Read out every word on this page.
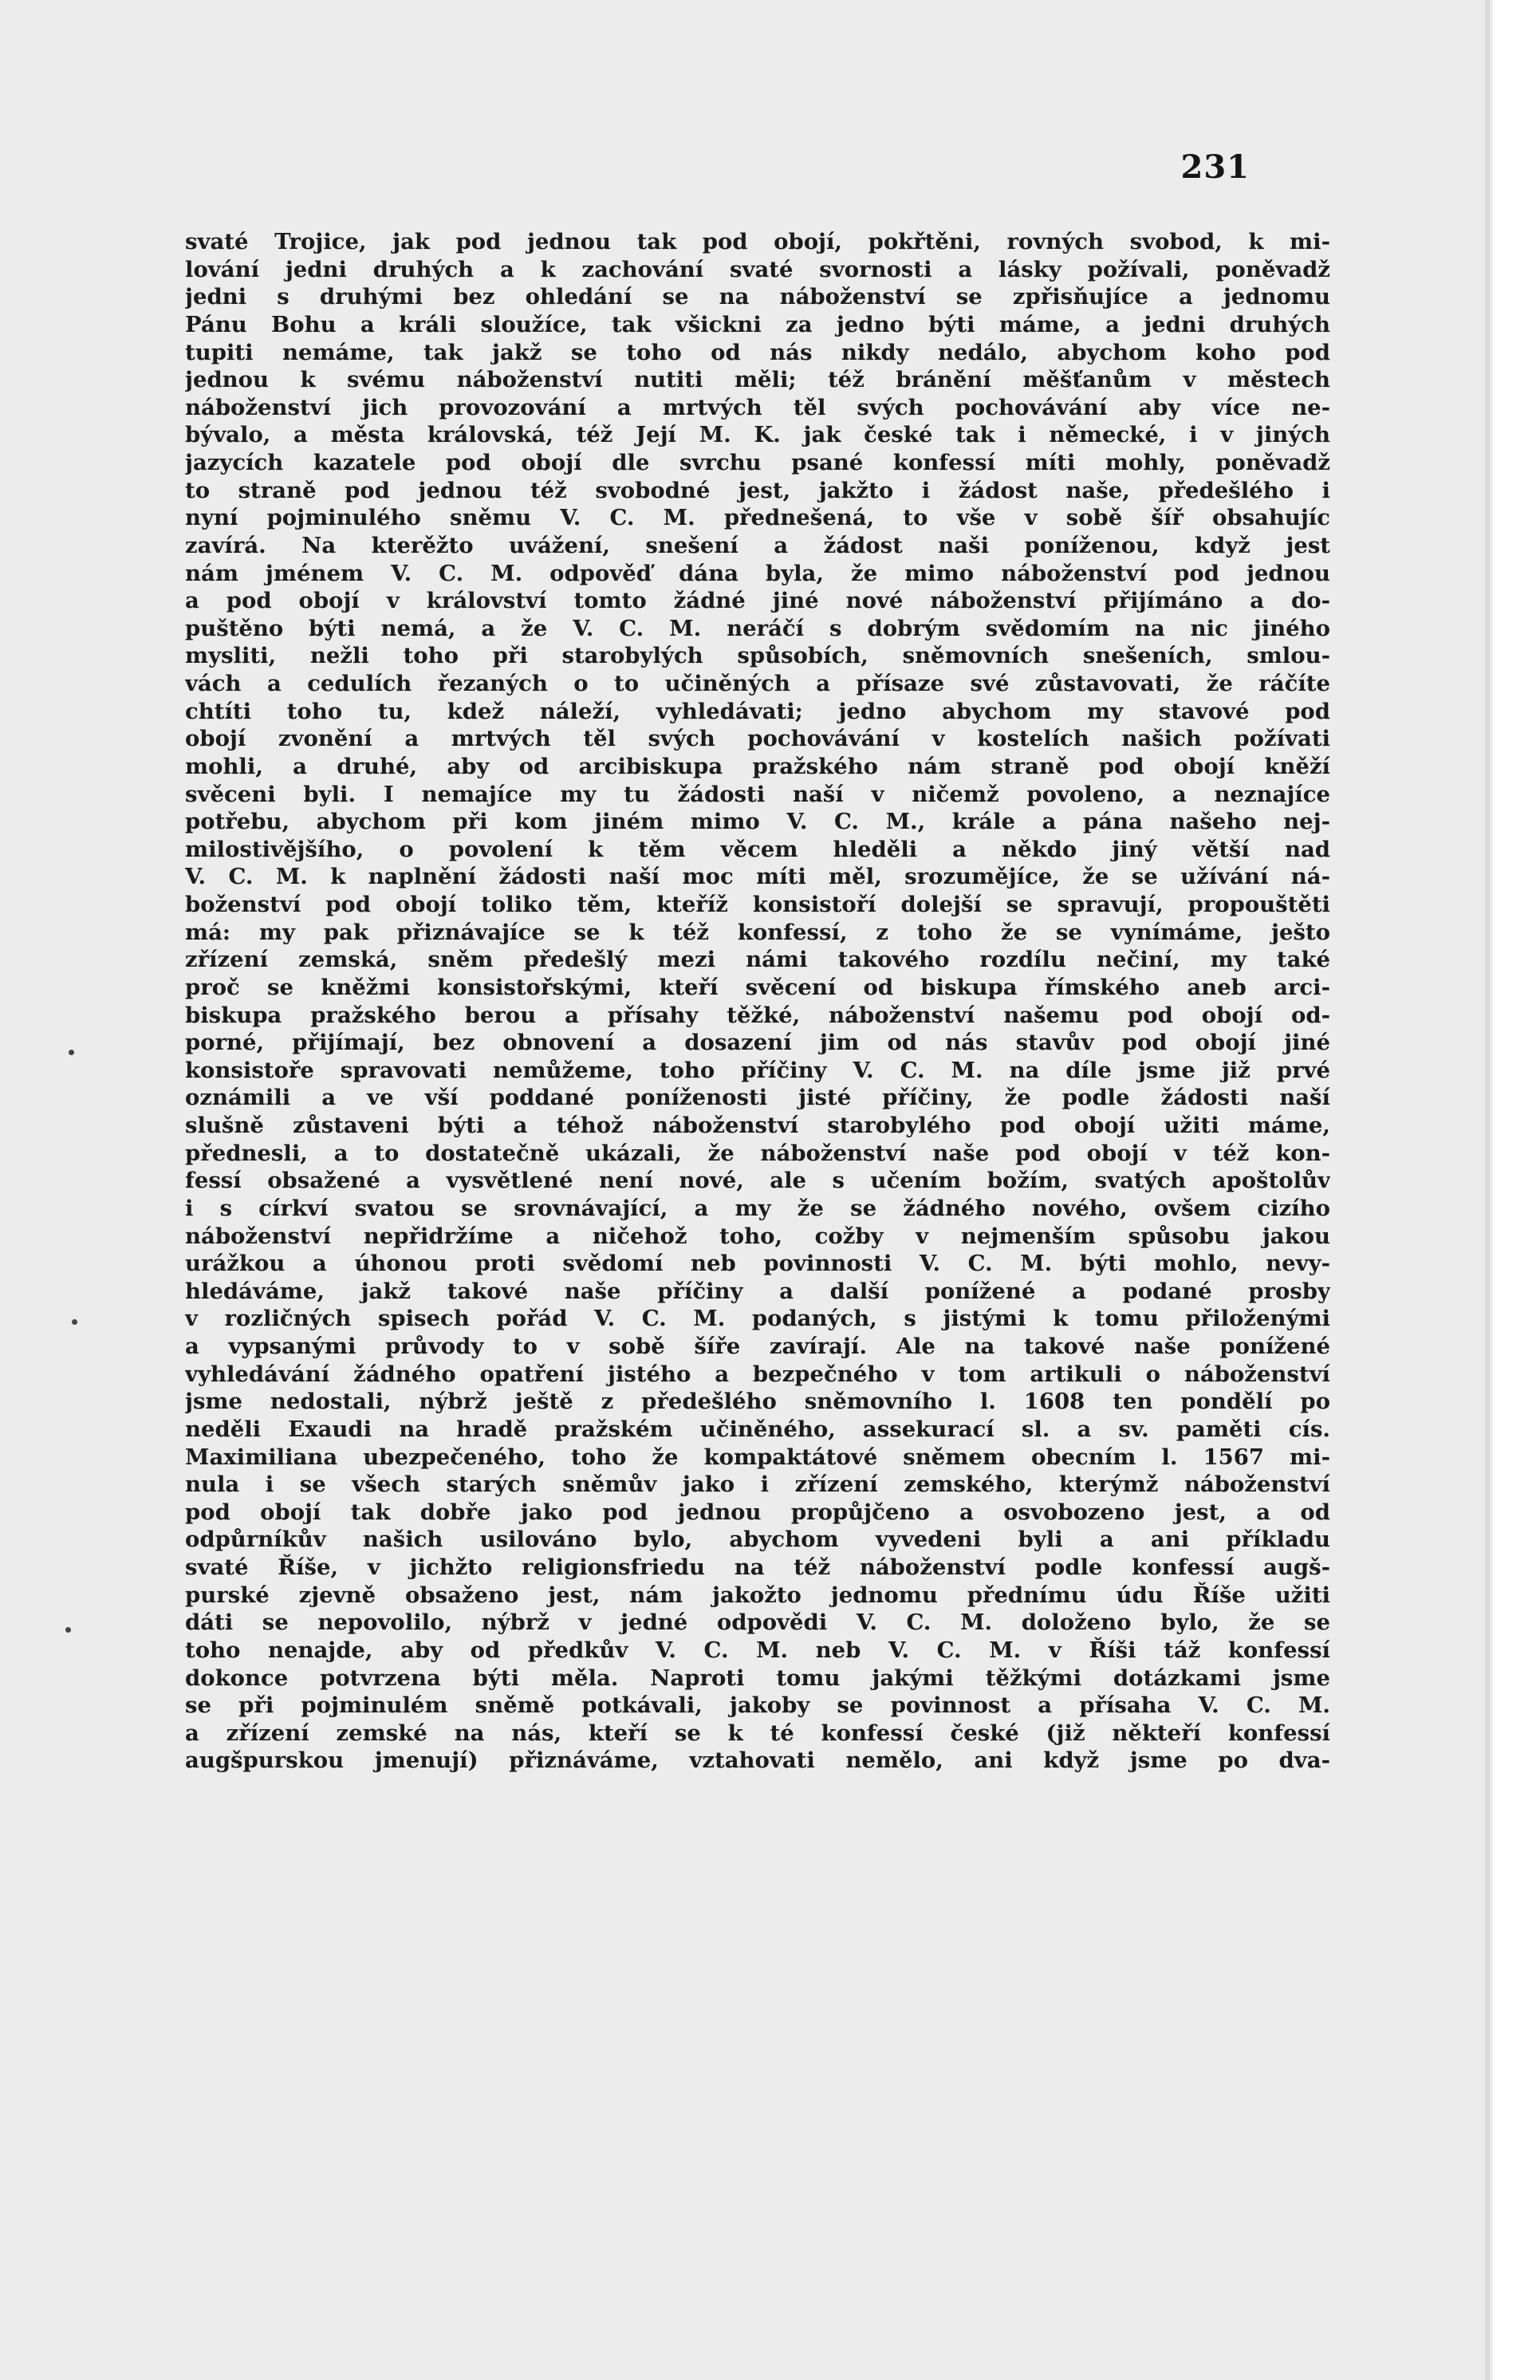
231
svaté Trojice, jak pod jednou tak pod obojí, pokřtěni, rovných svobod, k mi-
lování jedni druhých a k zachování svaté svornosti a lásky požívali, poněvadž
jedni s druhými bez ohledání se na náboženství se zpřisňujíce a jednomu
Pánu Bohu a králi sloužíce, tak všickni za jedno býti máme, a jedni druhých
tupiti nemáme, tak jakž se toho od nás nikdy nedálo, abychom koho pod
jednou k svému náboženství nutiti měli; též bránění měšťanům v městech
náboženství jich provozování a mrtvých těl svých pochovávání aby více ne-
bývalo, a města královská, též Její M. K. jak české tak i německé, i v jiných
jazycích kazatele pod obojí dle svrchu psané konfessí míti mohly, poněvadž
to straně pod jednou též svobodné jest, jakžto i žádost naše, předešlého i
nyní pojminulého sněmu V. C. M. přednešená, to vše v sobě šíř obsahujíc
zavírá. Na kterěžto uvážení, snešení a žádost naši poníženou, když jest
nám jménem V. C. M. odpověď dána byla, že mimo náboženství pod jednou
a pod obojí v království tomto žádné jiné nové náboženství přijímáno a do-
puštěno býti nemá, a že V. C. M. neráčí s dobrým svědomím na nic jiného
mysliti, nežli toho při starobylých spůsobích, sněmovních snešeních, smlou-
vách a cedulích řezaných o to učiněných a přísaze své zůstavovati, že ráčíte
chtíti toho tu, kdež náleží, vyhledávati; jedno abychom my stavové pod
obojí zvonění a mrtvých těl svých pochovávání v kostelích našich požívati
mohli, a druhé, aby od arcibiskupa pražského nám straně pod obojí kněží
svěceni byli. I nemajíce my tu žádosti naší v ničemž povoleno, a neznajíce
potřebu, abychom při kom jiném mimo V. C. M., krále a pána našeho nej-
milostivějšího, o povolení k těm věcem hleděli a někdo jiný větší nad
V. C. M. k naplnění žádosti naší moc míti měl, srozumějíce, že se užívání ná-
boženství pod obojí toliko těm, kteříž konsistoří dolejší se spravují, propouštěti
má: my pak přiznávajíce se k též konfessí, z toho že se vynímáme, ješto
zřízení zemská, sněm předešlý mezi námi takového rozdílu nečiní, my také
proč se kněžmi konsistořskými, kteří svěcení od biskupa římského aneb arci-
biskupa pražského berou a přísahy těžké, náboženství našemu pod obojí od-
porné, přijímají, bez obnovení a dosazení jim od nás stavův pod obojí jiné
konsistoře spravovati nemůžeme, toho příčiny V. C. M. na díle jsme již prvé
oznámili a ve vší poddané poníženosti jisté příčiny, že podle žádosti naší
slušně zůstaveni býti a téhož náboženství starobylého pod obojí užiti máme,
přednesli, a to dostatečně ukázali, že náboženství naše pod obojí v též kon-
fessí obsažené a vysvětlené není nové, ale s učením božím, svatých apoštolův
i s církví svatou se srovnávající, a my že se žádného nového, ovšem cizího
náboženství nepřidržíme a ničehož toho, cožby v nejmenším spůsobu jakou
urážkou a úhonou proti svědomí neb povinnosti V. C. M. býti mohlo, nevy-
hledáváme, jakž takové naše příčiny a další ponížené a podané prosby
v rozličných spisech pořád V. C. M. podaných, s jistými k tomu přiloženými
a vypsanými průvody to v sobě šíře zavírají. Ale na takové naše ponížené
vyhledávání žádného opatření jistého a bezpečného v tom artikuli o náboženství
jsme nedostali, nýbrž ještě z předešlého sněmovního l. 1608 ten pondělí po
neděli Exaudi na hradě pražském učiněného, assekurací sl. a sv. paměti cís.
Maximiliana ubezpečeného, toho že kompaktátové sněmem obecním l. 1567 mi-
nula i se všech starých sněmův jako i zřízení zemského, kterýmž náboženství
pod obojí tak dobře jako pod jednou propůjčeno a osvobozeno jest, a od
odpůrníkův našich usilováno bylo, abychom vyvedeni byli a ani příkladu
svaté Říše, v jichžto religionsfriedu na též náboženství podle konfessí augš-
purské zjevně obsaženo jest, nám jakožto jednomu přednímu údu Říše užiti
dáti se nepovolilo, nýbrž v jedné odpovědi V. C. M. doloženo bylo, že se
toho nenajde, aby od předkův V. C. M. neb V. C. M. v Říši táž konfessí
dokonce potvrzena býti měla. Naproti tomu jakými těžkými dotázkami jsme
se při pojminulém sněmě potkávali, jakoby se povinnost a přísaha V. C. M.
a zřízení zemské na nás, kteří se k té konfessí české (již někteří konfessí
augšpurskou jmenují) přiznáváme, vztahovati nemělo, ani když jsme po dva-
